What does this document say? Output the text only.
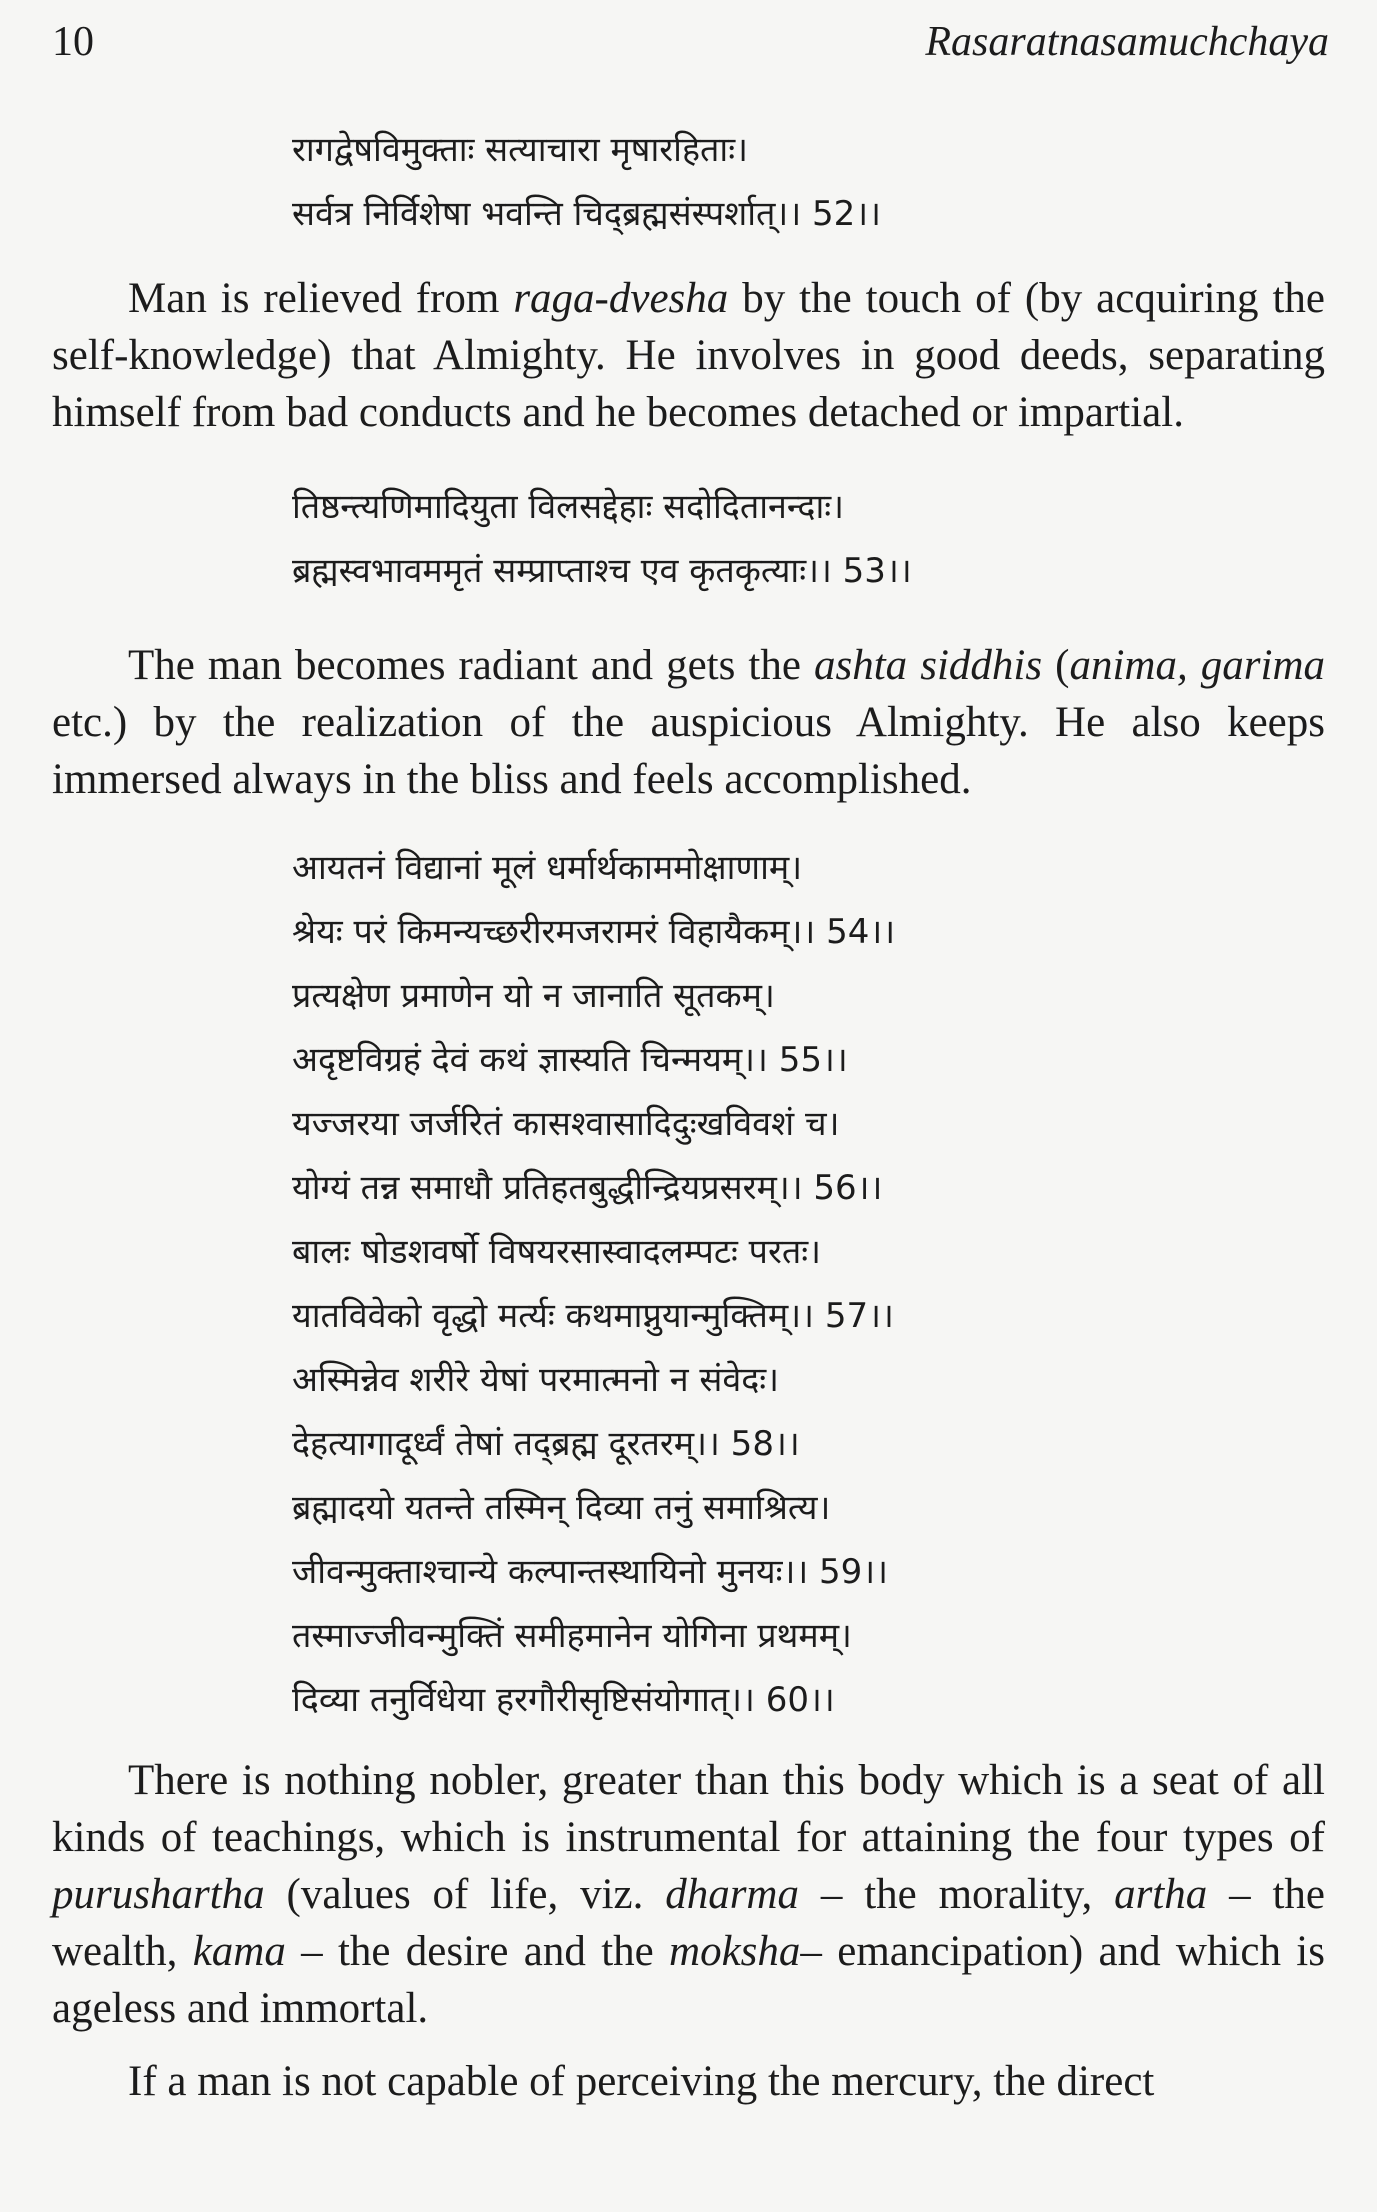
10	Rasaratnasamuchchaya
रागद्वेषविमुक्ताः सत्याचारा मृषारहिताः।
सर्वत्र निर्विशेषा भवन्ति चिद्ब्रह्मसंस्पर्शात्।। 52।।

Man is relieved from raga-dvesha by the touch of (by acquiring the self-knowledge) that Almighty. He involves in good deeds, separating himself from bad conducts and he becomes detached or impartial.

तिष्ठन्त्यणिमादियुता विलसद्देहाः सदोदितानन्दाः।
ब्रह्मस्वभावममृतं सम्प्राप्ताश्च एव कृतकृत्याः।। 53।।

The man becomes radiant and gets the ashta siddhis (anima, garima etc.) by the realization of the auspicious Almighty. He also keeps immersed always in the bliss and feels accomplished.

आयतनं विद्यानां मूलं धर्मार्थकाममोक्षाणाम्।
श्रेयः परं किमन्यच्छरीरमजरामरं विहायैकम्।। 54।।
प्रत्यक्षेण प्रमाणेन यो न जानाति सूतकम्।
अदृष्टविग्रहं देवं कथं ज्ञास्यति चिन्मयम्।। 55।।
यज्जरया जर्जरितं कासश्वासादिदुःखविवशं च।
योग्यं तन्न समाधौ प्रतिहतबुद्धीन्द्रियप्रसरम्।। 56।।
बालः षोडशवर्षो विषयरसास्वादलम्पटः परतः।
यातविवेको वृद्धो मर्त्यः कथमाप्नुयान्मुक्तिम्।। 57।।
अस्मिन्नेव शरीरे येषां परमात्मनो न संवेदः।
देहत्यागादूर्ध्वं तेषां तद्ब्रह्म दूरतरम्।। 58।।
ब्रह्मादयो यतन्ते तस्मिन् दिव्या तनुं समाश्रित्य।
जीवन्मुक्ताश्चान्ये कल्पान्तस्थायिनो मुनयः।। 59।।
तस्माज्जीवन्मुक्तिं समीहमानेन योगिना प्रथमम्।
दिव्या तनुर्विधेया हरगौरीसृष्टिसंयोगात्।। 60।।

There is nothing nobler, greater than this body which is a seat of all kinds of teachings, which is instrumental for attaining the four types of purushartha (values of life, viz. dharma – the morality, artha – the wealth, kama – the desire and the moksha– emancipation) and which is ageless and immortal.

If a man is not capable of perceiving the mercury, the direct
